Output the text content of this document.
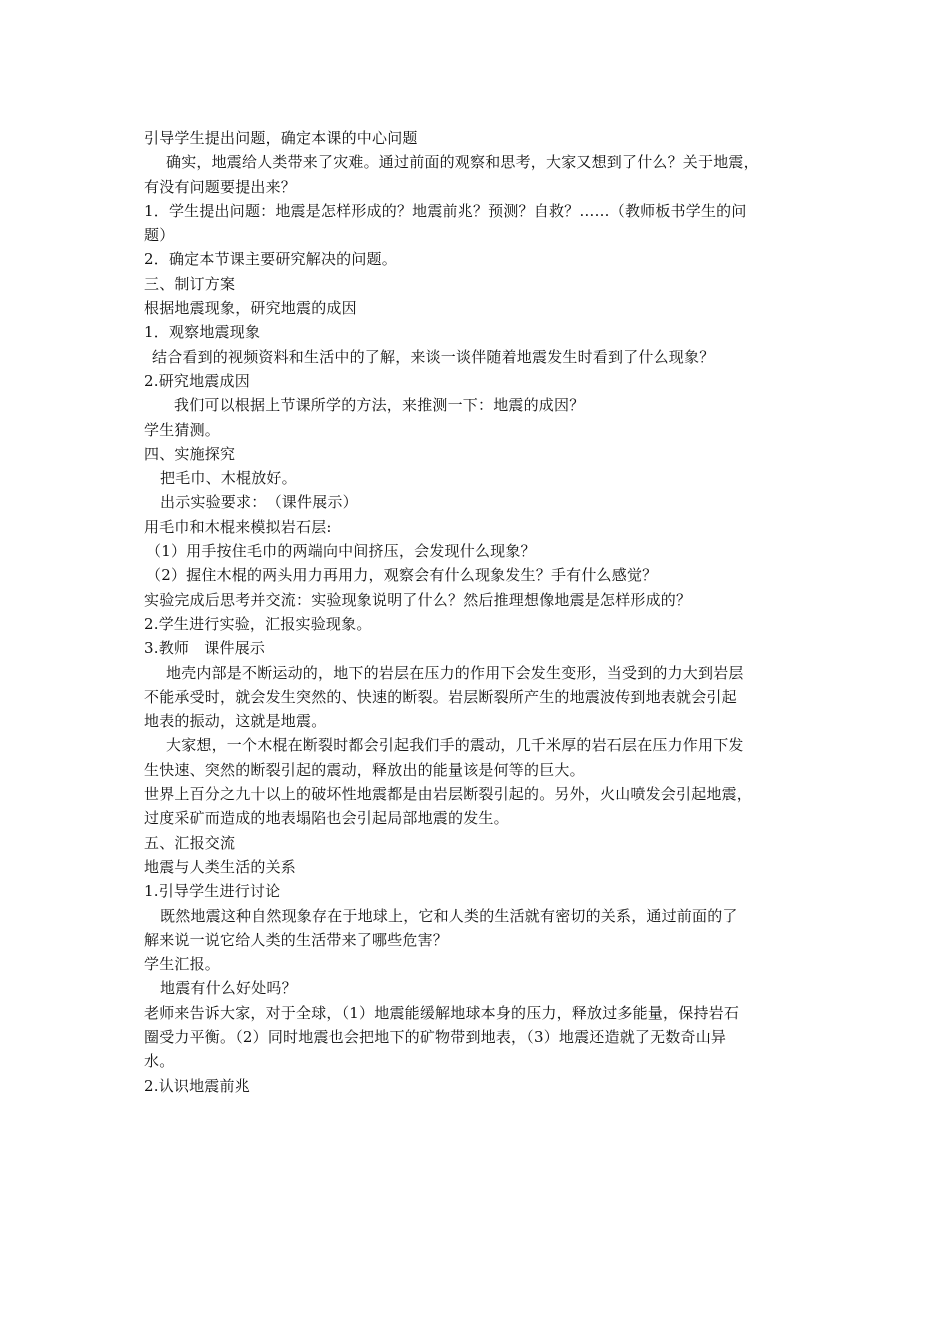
引导学生提出问题，确定本课的中心问题
确实，地震给人类带来了灾难。通过前面的观察和思考，大家又想到了什么？关于地震，
有没有问题要提出来？
1．学生提出问题：地震是怎样形成的？地震前兆？预测？自救？……（教师板书学生的问
题）
2．确定本节课主要研究解决的问题。
三、制订方案
根据地震现象，研究地震的成因
1．观察地震现象
结合看到的视频资料和生活中的了解，来谈一谈伴随着地震发生时看到了什么现象？
2.研究地震成因
我们可以根据上节课所学的方法，来推测一下：地震的成因？
学生猜测。
四、实施探究
把毛巾、木棍放好。
出示实验要求：　（课件展示）
用毛巾和木棍来模拟岩石层:
（1）用手按住毛巾的两端向中间挤压，会发现什么现象？
（2）握住木棍的两头用力再用力，观察会有什么现象发生？手有什么感觉？
实验完成后思考并交流：实验现象说明了什么？然后推理想像地震是怎样形成的？
2.学生进行实验，汇报实验现象。
3.教师　课件展示
地壳内部是不断运动的，地下的岩层在压力的作用下会发生变形，当受到的力大到岩层
不能承受时，就会发生突然的、快速的断裂。岩层断裂所产生的地震波传到地表就会引起
地表的振动，这就是地震。
大家想，一个木棍在断裂时都会引起我们手的震动，几千米厚的岩石层在压力作用下发
生快速、突然的断裂引起的震动，释放出的能量该是何等的巨大。
世界上百分之九十以上的破坏性地震都是由岩层断裂引起的。另外，火山喷发会引起地震，
过度采矿而造成的地表塌陷也会引起局部地震的发生。
五、汇报交流
地震与人类生活的关系
1.引导学生进行讨论
既然地震这种自然现象存在于地球上，它和人类的生活就有密切的关系，通过前面的了
解来说一说它给人类的生活带来了哪些危害？
学生汇报。
地震有什么好处吗？
老师来告诉大家，对于全球，（1）地震能缓解地球本身的压力，释放过多能量，保持岩石
圈受力平衡。（2）同时地震也会把地下的矿物带到地表，（3）地震还造就了无数奇山异
水。
2.认识地震前兆
